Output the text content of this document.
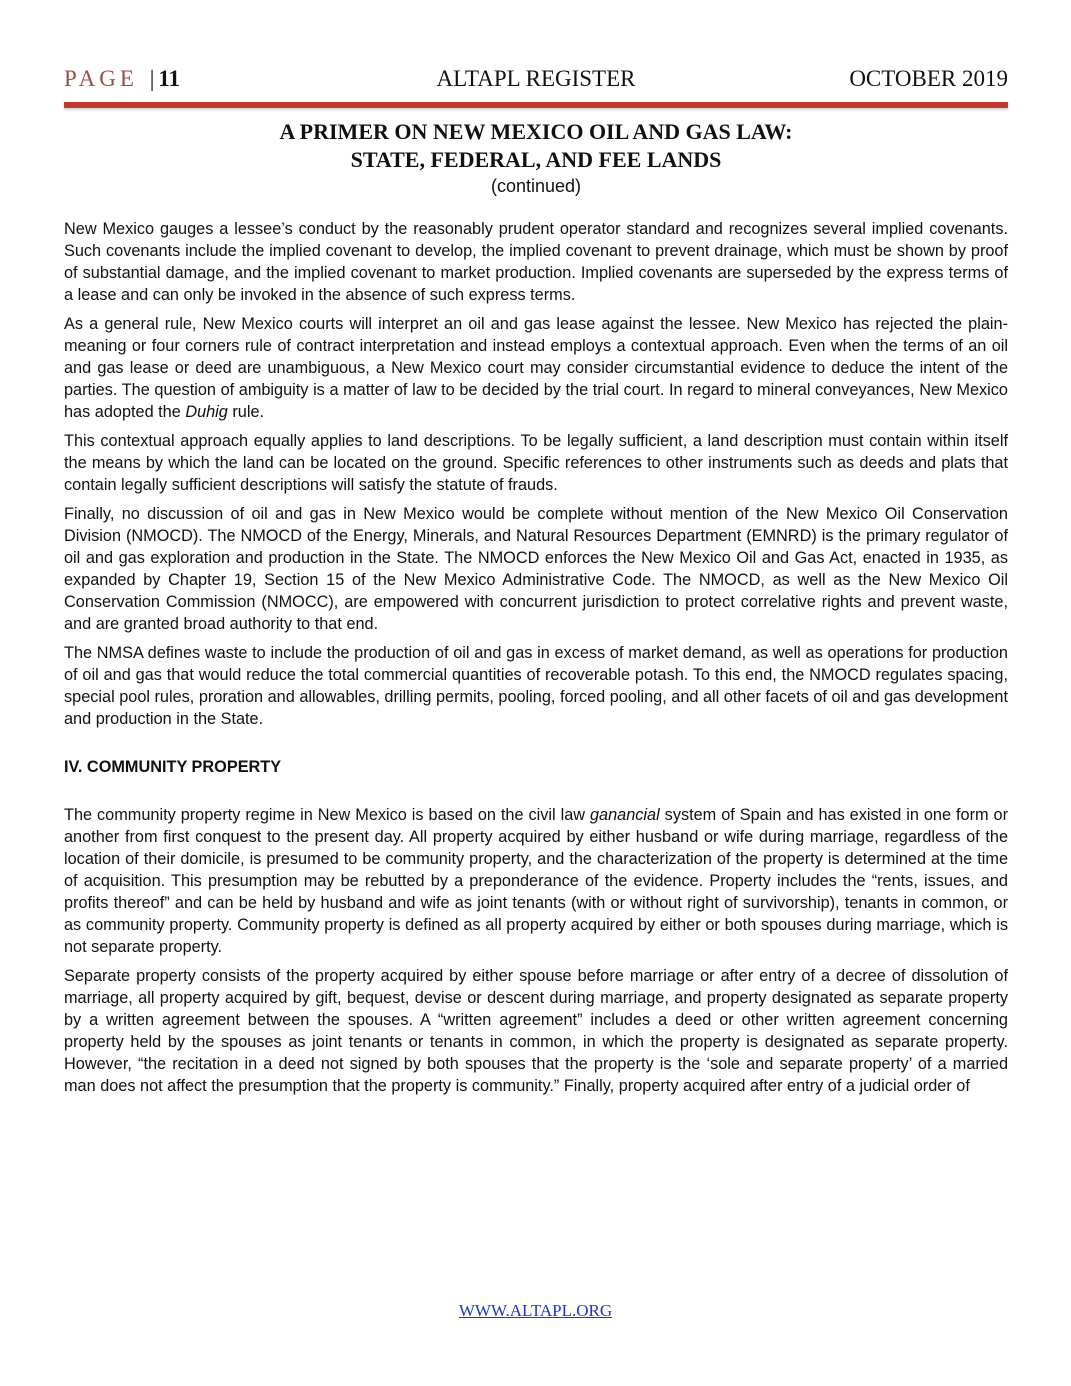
PAGE | 11	ALTAPL REGISTER	OCTOBER 2019
A PRIMER ON NEW MEXICO OIL AND GAS LAW:
STATE, FEDERAL, AND FEE LANDS
(continued)

New Mexico gauges a lessee’s conduct by the reasonably prudent operator standard and recognizes several implied covenants. Such covenants include the implied covenant to develop, the implied covenant to prevent drainage, which must be shown by proof of substantial damage, and the implied covenant to market production. Implied covenants are superseded by the express terms of a lease and can only be invoked in the absence of such express terms.

As a general rule, New Mexico courts will interpret an oil and gas lease against the lessee. New Mexico has rejected the plain-meaning or four corners rule of contract interpretation and instead employs a contextual approach. Even when the terms of an oil and gas lease or deed are unambiguous, a New Mexico court may consider circumstantial evidence to deduce the intent of the parties. The question of ambiguity is a matter of law to be decided by the trial court. In regard to mineral conveyances, New Mexico has adopted the Duhig rule.

This contextual approach equally applies to land descriptions. To be legally sufficient, a land description must contain within itself the means by which the land can be located on the ground. Specific references to other instruments such as deeds and plats that contain legally sufficient descriptions will satisfy the statute of frauds.

Finally, no discussion of oil and gas in New Mexico would be complete without mention of the New Mexico Oil Conservation Division (NMOCD). The NMOCD of the Energy, Minerals, and Natural Resources Department (EMNRD) is the primary regulator of oil and gas exploration and production in the State. The NMOCD enforces the New Mexico Oil and Gas Act, enacted in 1935, as expanded by Chapter 19, Section 15 of the New Mexico Administrative Code. The NMOCD, as well as the New Mexico Oil Conservation Commission (NMOCC), are empowered with concurrent jurisdiction to protect correlative rights and prevent waste, and are granted broad authority to that end.

The NMSA defines waste to include the production of oil and gas in excess of market demand, as well as operations for production of oil and gas that would reduce the total commercial quantities of recoverable potash. To this end, the NMOCD regulates spacing, special pool rules, proration and allowables, drilling permits, pooling, forced pooling, and all other facets of oil and gas development and production in the State.

IV. COMMUNITY PROPERTY

The community property regime in New Mexico is based on the civil law ganancial system of Spain and has existed in one form or another from first conquest to the present day. All property acquired by either husband or wife during marriage, regardless of the location of their domicile, is presumed to be community property, and the characterization of the property is determined at the time of acquisition. This presumption may be rebutted by a preponderance of the evidence. Property includes the “rents, issues, and profits thereof” and can be held by husband and wife as joint tenants (with or without right of survivorship), tenants in common, or as community property. Community property is defined as all property acquired by either or both spouses during marriage, which is not separate property.

Separate property consists of the property acquired by either spouse before marriage or after entry of a decree of dissolution of marriage, all property acquired by gift, bequest, devise or descent during marriage, and property designated as separate property by a written agreement between the spouses. A “written agreement” includes a deed or other written agreement concerning property held by the spouses as joint tenants or tenants in common, in which the property is designated as separate property. However, “the recitation in a deed not signed by both spouses that the property is the ‘sole and separate property’ of a married man does not affect the presumption that the property is community.” Finally, property acquired after entry of a judicial order of

WWW.ALTAPL.ORG
